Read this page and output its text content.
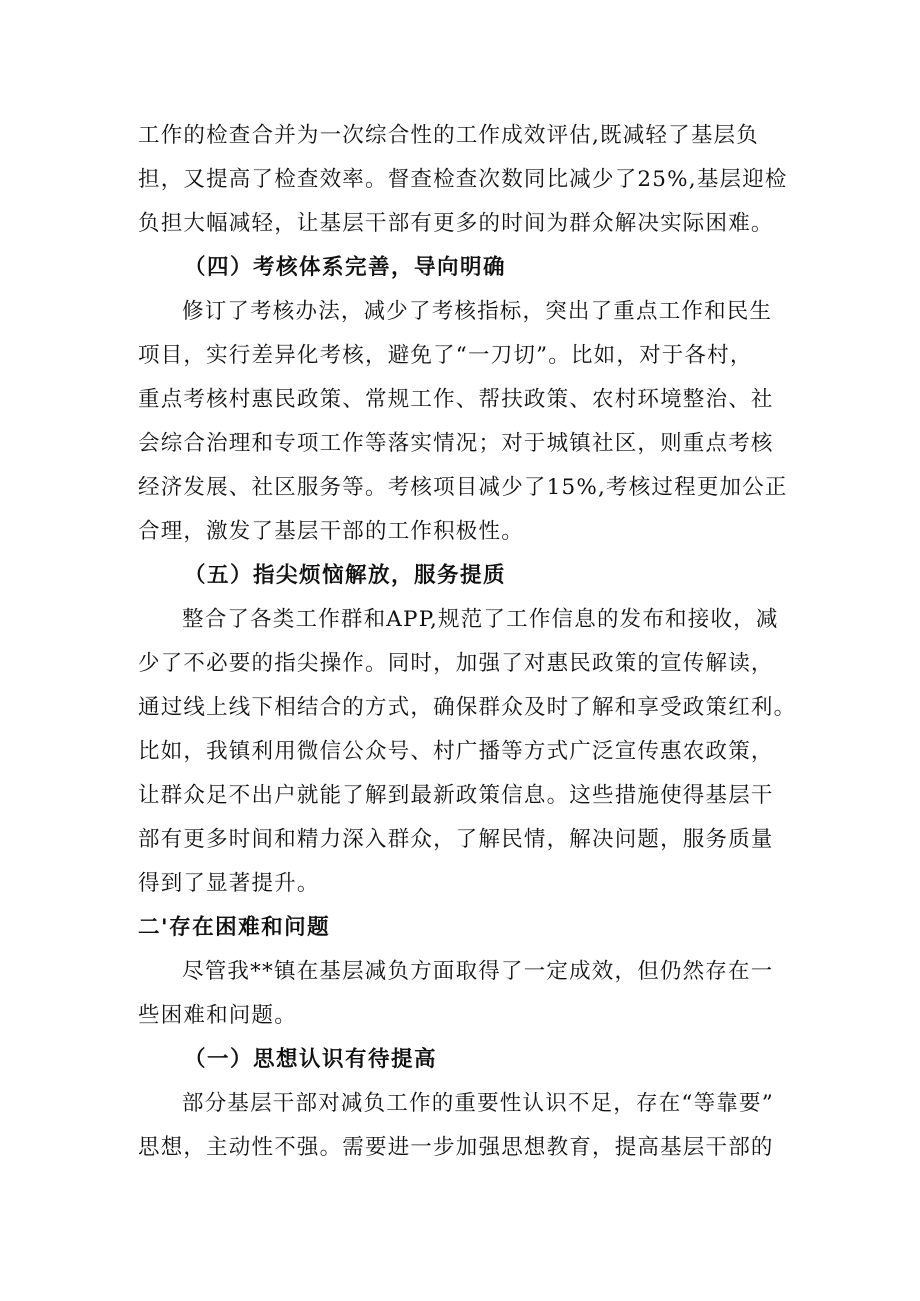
工作的检查合并为一次综合性的工作成效评估,既减轻了基层负
担，又提高了检查效率。督查检查次数同比减少了25%,基层迎检
负担大幅减轻，让基层干部有更多的时间为群众解决实际困难。
（四）考核体系完善，导向明确
修订了考核办法，减少了考核指标，突出了重点工作和民生
项目，实行差异化考核，避免了“一刀切”。比如，对于各村，
重点考核村惠民政策、常规工作、帮扶政策、农村环境整治、社
会综合治理和专项工作等落实情况；对于城镇社区，则重点考核
经济发展、社区服务等。考核项目减少了15%,考核过程更加公正
合理，激发了基层干部的工作积极性。
（五）指尖烦恼解放，服务提质
整合了各类工作群和APP,规范了工作信息的发布和接收，减
少了不必要的指尖操作。同时，加强了对惠民政策的宣传解读，
通过线上线下相结合的方式，确保群众及时了解和享受政策红利。
比如，我镇利用微信公众号、村广播等方式广泛宣传惠农政策，
让群众足不出户就能了解到最新政策信息。这些措施使得基层干
部有更多时间和精力深入群众，了解民情，解决问题，服务质量
得到了显著提升。
二'存在困难和问题
尽管我**镇在基层减负方面取得了一定成效，但仍然存在一
些困难和问题。
（一）思想认识有待提高
部分基层干部对减负工作的重要性认识不足，存在“等靠要”
思想，主动性不强。需要进一步加强思想教育，提高基层干部的
